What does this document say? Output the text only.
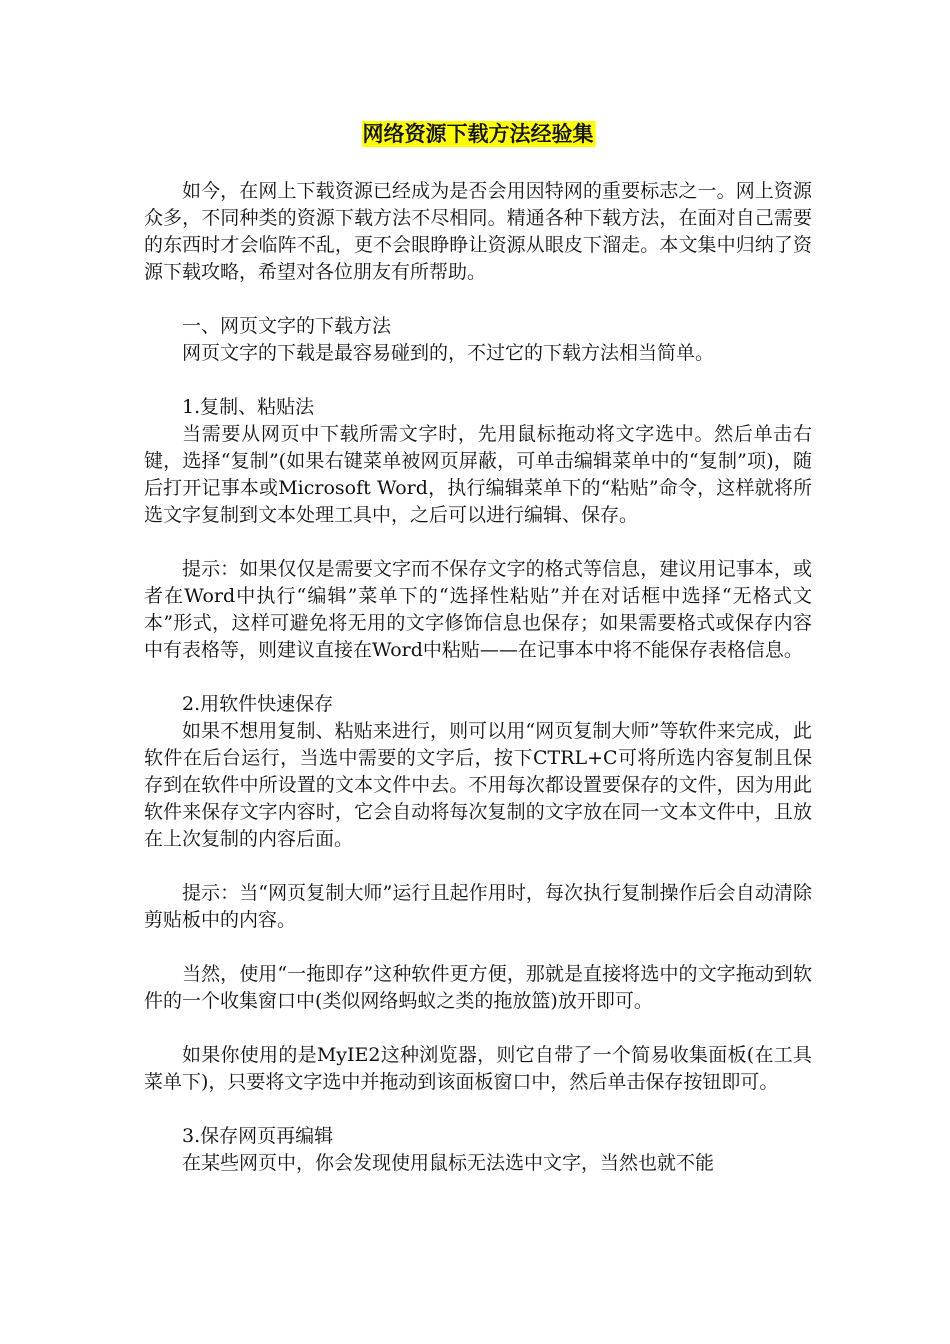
网络资源下载方法经验集
如今，在网上下载资源已经成为是否会用因特网的重要标志之一。网上资源众多，不同种类的资源下载方法不尽相同。精通各种下载方法，在面对自己需要的东西时才会临阵不乱，更不会眼睁睁让资源从眼皮下溜走。本文集中归纳了资源下载攻略，希望对各位朋友有所帮助。
一、网页文字的下载方法
网页文字的下载是最容易碰到的，不过它的下载方法相当简单。
1.复制、粘贴法
当需要从网页中下载所需文字时，先用鼠标拖动将文字选中。然后单击右键，选择“复制”(如果右键菜单被网页屏蔽，可单击编辑菜单中的“复制”项)，随后打开记事本或Microsoft Word，执行编辑菜单下的“粘贴”命令，这样就将所选文字复制到文本处理工具中，之后可以进行编辑、保存。
提示：如果仅仅是需要文字而不保存文字的格式等信息，建议用记事本，或者在Word中执行“编辑”菜单下的“选择性粘贴”并在对话框中选择“无格式文本”形式，这样可避免将无用的文字修饰信息也保存；如果需要格式或保存内容中有表格等，则建议直接在Word中粘贴——在记事本中将不能保存表格信息。
2.用软件快速保存
如果不想用复制、粘贴来进行，则可以用“网页复制大师”等软件来完成，此软件在后台运行，当选中需要的文字后，按下CTRL+C可将所选内容复制且保存到在软件中所设置的文本文件中去。不用每次都设置要保存的文件，因为用此软件来保存文字内容时，它会自动将每次复制的文字放在同一文本文件中，且放在上次复制的内容后面。
提示：当“网页复制大师”运行且起作用时，每次执行复制操作后会自动清除剪贴板中的内容。
当然，使用“一拖即存”这种软件更方便，那就是直接将选中的文字拖动到软件的一个收集窗口中(类似网络蚂蚁之类的拖放篮)放开即可。
如果你使用的是MyIE2这种浏览器，则它自带了一个简易收集面板(在工具菜单下)，只要将文字选中并拖动到该面板窗口中，然后单击保存按钮即可。
3.保存网页再编辑
在某些网页中，你会发现使用鼠标无法选中文字，当然也就不能
